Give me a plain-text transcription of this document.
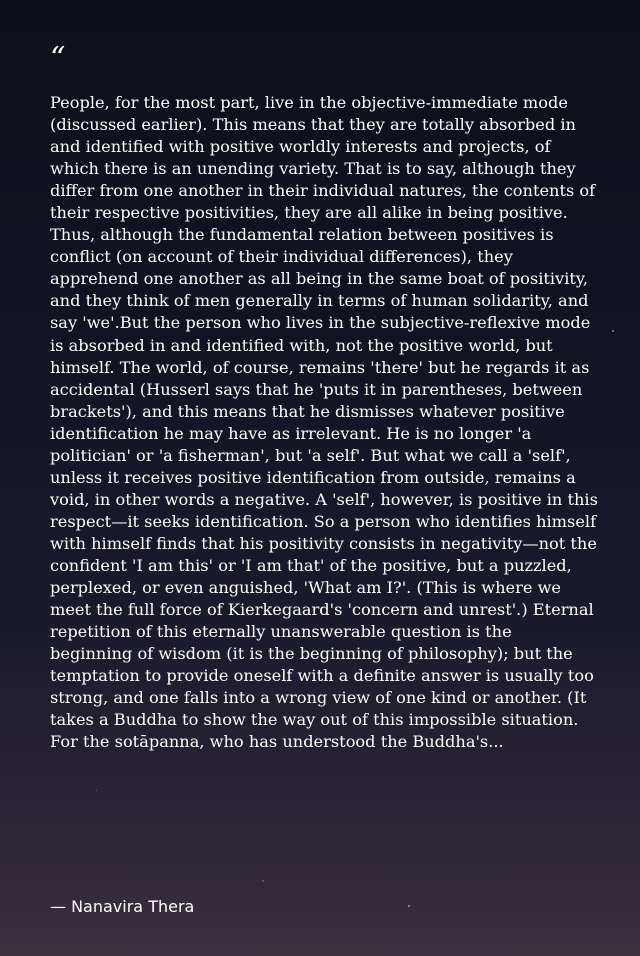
“

People, for the most part, live in the objective-immediate mode (discussed earlier). This means that they are totally absorbed in and identified with positive worldly interests and projects, of which there is an unending variety. That is to say, although they differ from one another in their individual natures, the contents of their respective positivities, they are all alike in being positive. Thus, although the fundamental relation between positives is conflict (on account of their individual differences), they apprehend one another as all being in the same boat of positivity, and they think of men generally in terms of human solidarity, and say 'we'.But the person who lives in the subjective-reflexive mode is absorbed in and identified with, not the positive world, but himself. The world, of course, remains 'there' but he regards it as accidental (Husserl says that he 'puts it in parentheses, between brackets'), and this means that he dismisses whatever positive identification he may have as irrelevant. He is no longer 'a politician' or 'a fisherman', but 'a self'. But what we call a 'self', unless it receives positive identification from outside, remains a void, in other words a negative. A 'self', however, is positive in this respect—it seeks identification. So a person who identifies himself with himself finds that his positivity consists in negativity—not the confident 'I am this' or 'I am that' of the positive, but a puzzled, perplexed, or even anguished, 'What am I?'. (This is where we meet the full force of Kierkegaard's 'concern and unrest'.) Eternal repetition of this eternally unanswerable question is the beginning of wisdom (it is the beginning of philosophy); but the temptation to provide oneself with a definite answer is usually too strong, and one falls into a wrong view of one kind or another. (It takes a Buddha to show the way out of this impossible situation. For the sotāpanna, who has understood the Buddha's...

— Nanavira Thera
